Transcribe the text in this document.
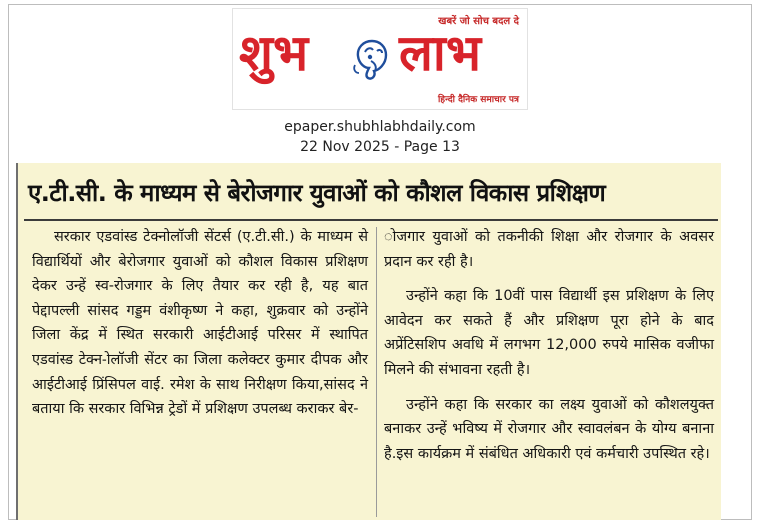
खबरें जो सोच बदल दे
शुभ लाभ
हिन्दी दैनिक समाचार पत्र
epaper.shubhlabhdaily.com
22 Nov 2025 - Page 13
ए.टी.सी. के माध्यम से बेरोजगार युवाओं को कौशल विकास प्रशिक्षण

सरकार एडवांस्ड टेक्नोलॉजी सेंटर्स (ए.टी.सी.) के माध्यम से विद्यार्थियों और बेरोजगार युवाओं को कौशल विकास प्रशिक्षण देकर उन्हें स्व-रोजगार के लिए तैयार कर रही है, यह बात पेद्दापल्ली सांसद गड्डम वंशीकृष्ण ने कहा, शुक्रवार को उन्होंने जिला केंद्र में स्थित सरकारी आईटीआई परिसर में स्थापित एडवांस्ड टेक्न-ोलॉजी सेंटर का जिला कलेक्टर कुमार दीपक और आईटीआई प्रिंसिपल वाई. रमेश के साथ निरीक्षण किया,सांसद ने बताया कि सरकार विभिन्न ट्रेडों में प्रशिक्षण उपलब्ध कराकर बेर-

ोजगार युवाओं को तकनीकी शिक्षा और रोजगार के अवसर प्रदान कर रही है।

उन्होंने कहा कि 10वीं पास विद्यार्थी इस प्रशिक्षण के लिए आवेदन कर सकते हैं और प्रशिक्षण पूरा होने के बाद अप्रेंटिसशिप अवधि में लगभग 12,000 रुपये मासिक वजीफा मिलने की संभावना रहती है।

उन्होंने कहा कि सरकार का लक्ष्य युवाओं को कौशलयुक्त बनाकर उन्हें भविष्य में रोजगार और स्वावलंबन के योग्य बनाना है.इस कार्यक्रम में संबंधित अधिकारी एवं कर्मचारी उपस्थित रहे।
